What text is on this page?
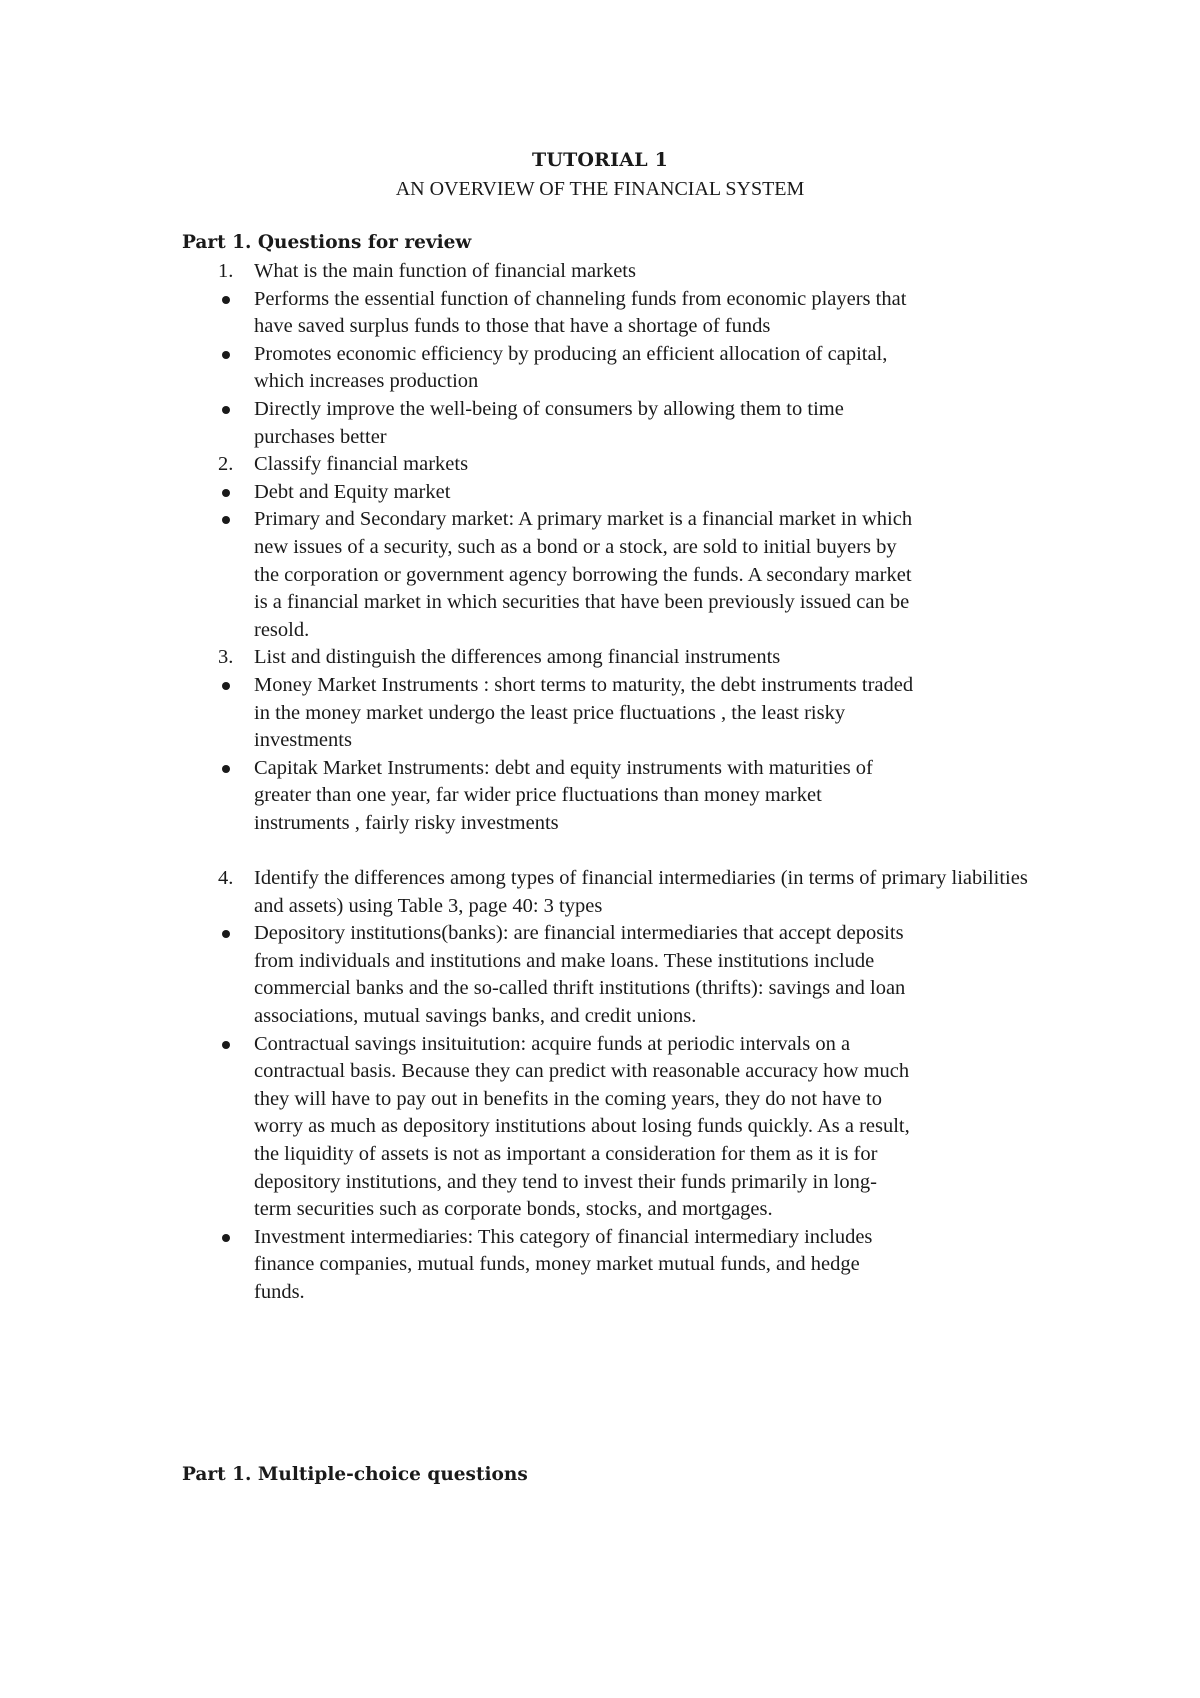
TUTORIAL 1
AN OVERVIEW OF THE FINANCIAL SYSTEM
Part 1. Questions for review
1. What is the main function of financial markets
Performs the essential function of channeling funds from economic players that have saved surplus funds to those that have a shortage of funds
Promotes economic efficiency by producing an efficient allocation of capital, which increases production
Directly improve the well-being of consumers by allowing them to time purchases better
2. Classify financial markets
Debt and Equity market
Primary and Secondary market: A primary market is a financial market in which new issues of a security, such as a bond or a stock, are sold to initial buyers by the corporation or government agency borrowing the funds. A secondary market is a financial market in which securities that have been previously issued can be resold.
3. List and distinguish the differences among financial instruments
Money Market Instruments : short terms to maturity, the debt instruments traded in the money market undergo the least price fluctuations , the least risky investments
Capitak Market Instruments: debt and equity instruments with maturities of greater than one year, far wider price fluctuations than money market instruments , fairly risky investments
4. Identify the differences among types of financial intermediaries (in terms of primary liabilities and assets) using Table 3, page 40: 3 types
Depository institutions(banks): are financial intermediaries that accept deposits from individuals and institutions and make loans. These institutions include commercial banks and the so-called thrift institutions (thrifts): savings and loan associations, mutual savings banks, and credit unions.
Contractual savings insituitution: acquire funds at periodic intervals on a contractual basis. Because they can predict with reasonable accuracy how much they will have to pay out in benefits in the coming years, they do not have to worry as much as depository institutions about losing funds quickly. As a result, the liquidity of assets is not as important a consideration for them as it is for depository institutions, and they tend to invest their funds primarily in long-term securities such as corporate bonds, stocks, and mortgages.
Investment intermediaries: This category of financial intermediary includes finance companies, mutual funds, money market mutual funds, and hedge funds.
Part 1. Multiple-choice questions
